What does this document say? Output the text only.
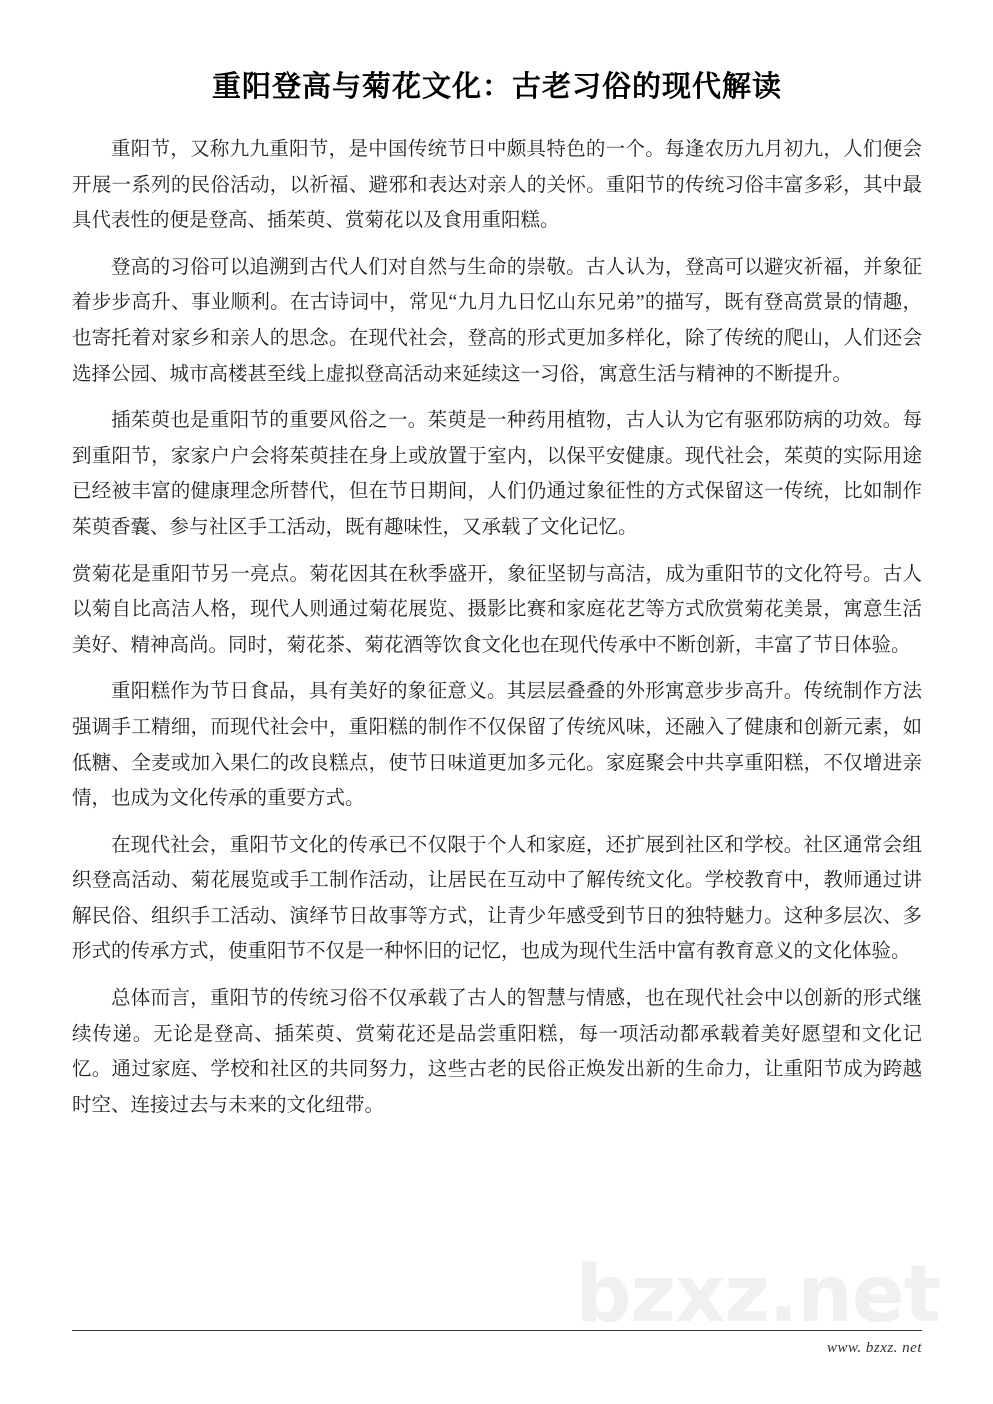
bzxz.net
重阳登高与菊花文化：古老习俗的现代解读

重阳节，又称九九重阳节，是中国传统节日中颇具特色的一个。每逢农历九月初九，人们便会开展一系列的民俗活动，以祈福、避邪和表达对亲人的关怀。重阳节的传统习俗丰富多彩，其中最具代表性的便是登高、插茱萸、赏菊花以及食用重阳糕。

登高的习俗可以追溯到古代人们对自然与生命的崇敬。古人认为，登高可以避灾祈福，并象征着步步高升、事业顺利。在古诗词中，常见“九月九日忆山东兄弟”的描写，既有登高赏景的情趣，也寄托着对家乡和亲人的思念。在现代社会，登高的形式更加多样化，除了传统的爬山，人们还会选择公园、城市高楼甚至线上虚拟登高活动来延续这一习俗，寓意生活与精神的不断提升。

插茱萸也是重阳节的重要风俗之一。茱萸是一种药用植物，古人认为它有驱邪防病的功效。每到重阳节，家家户户会将茱萸挂在身上或放置于室内，以保平安健康。现代社会，茱萸的实际用途已经被丰富的健康理念所替代，但在节日期间，人们仍通过象征性的方式保留这一传统，比如制作茱萸香囊、参与社区手工活动，既有趣味性，又承载了文化记忆。

赏菊花是重阳节另一亮点。菊花因其在秋季盛开，象征坚韧与高洁，成为重阳节的文化符号。古人以菊自比高洁人格，现代人则通过菊花展览、摄影比赛和家庭花艺等方式欣赏菊花美景，寓意生活美好、精神高尚。同时，菊花茶、菊花酒等饮食文化也在现代传承中不断创新，丰富了节日体验。

重阳糕作为节日食品，具有美好的象征意义。其层层叠叠的外形寓意步步高升。传统制作方法强调手工精细，而现代社会中，重阳糕的制作不仅保留了传统风味，还融入了健康和创新元素，如低糖、全麦或加入果仁的改良糕点，使节日味道更加多元化。家庭聚会中共享重阳糕，不仅增进亲情，也成为文化传承的重要方式。

在现代社会，重阳节文化的传承已不仅限于个人和家庭，还扩展到社区和学校。社区通常会组织登高活动、菊花展览或手工制作活动，让居民在互动中了解传统文化。学校教育中，教师通过讲解民俗、组织手工活动、演绎节日故事等方式，让青少年感受到节日的独特魅力。这种多层次、多形式的传承方式，使重阳节不仅是一种怀旧的记忆，也成为现代生活中富有教育意义的文化体验。

总体而言，重阳节的传统习俗不仅承载了古人的智慧与情感，也在现代社会中以创新的形式继续传递。无论是登高、插茱萸、赏菊花还是品尝重阳糕，每一项活动都承载着美好愿望和文化记忆。通过家庭、学校和社区的共同努力，这些古老的民俗正焕发出新的生命力，让重阳节成为跨越时空、连接过去与未来的文化纽带。

www. bzxz. net
